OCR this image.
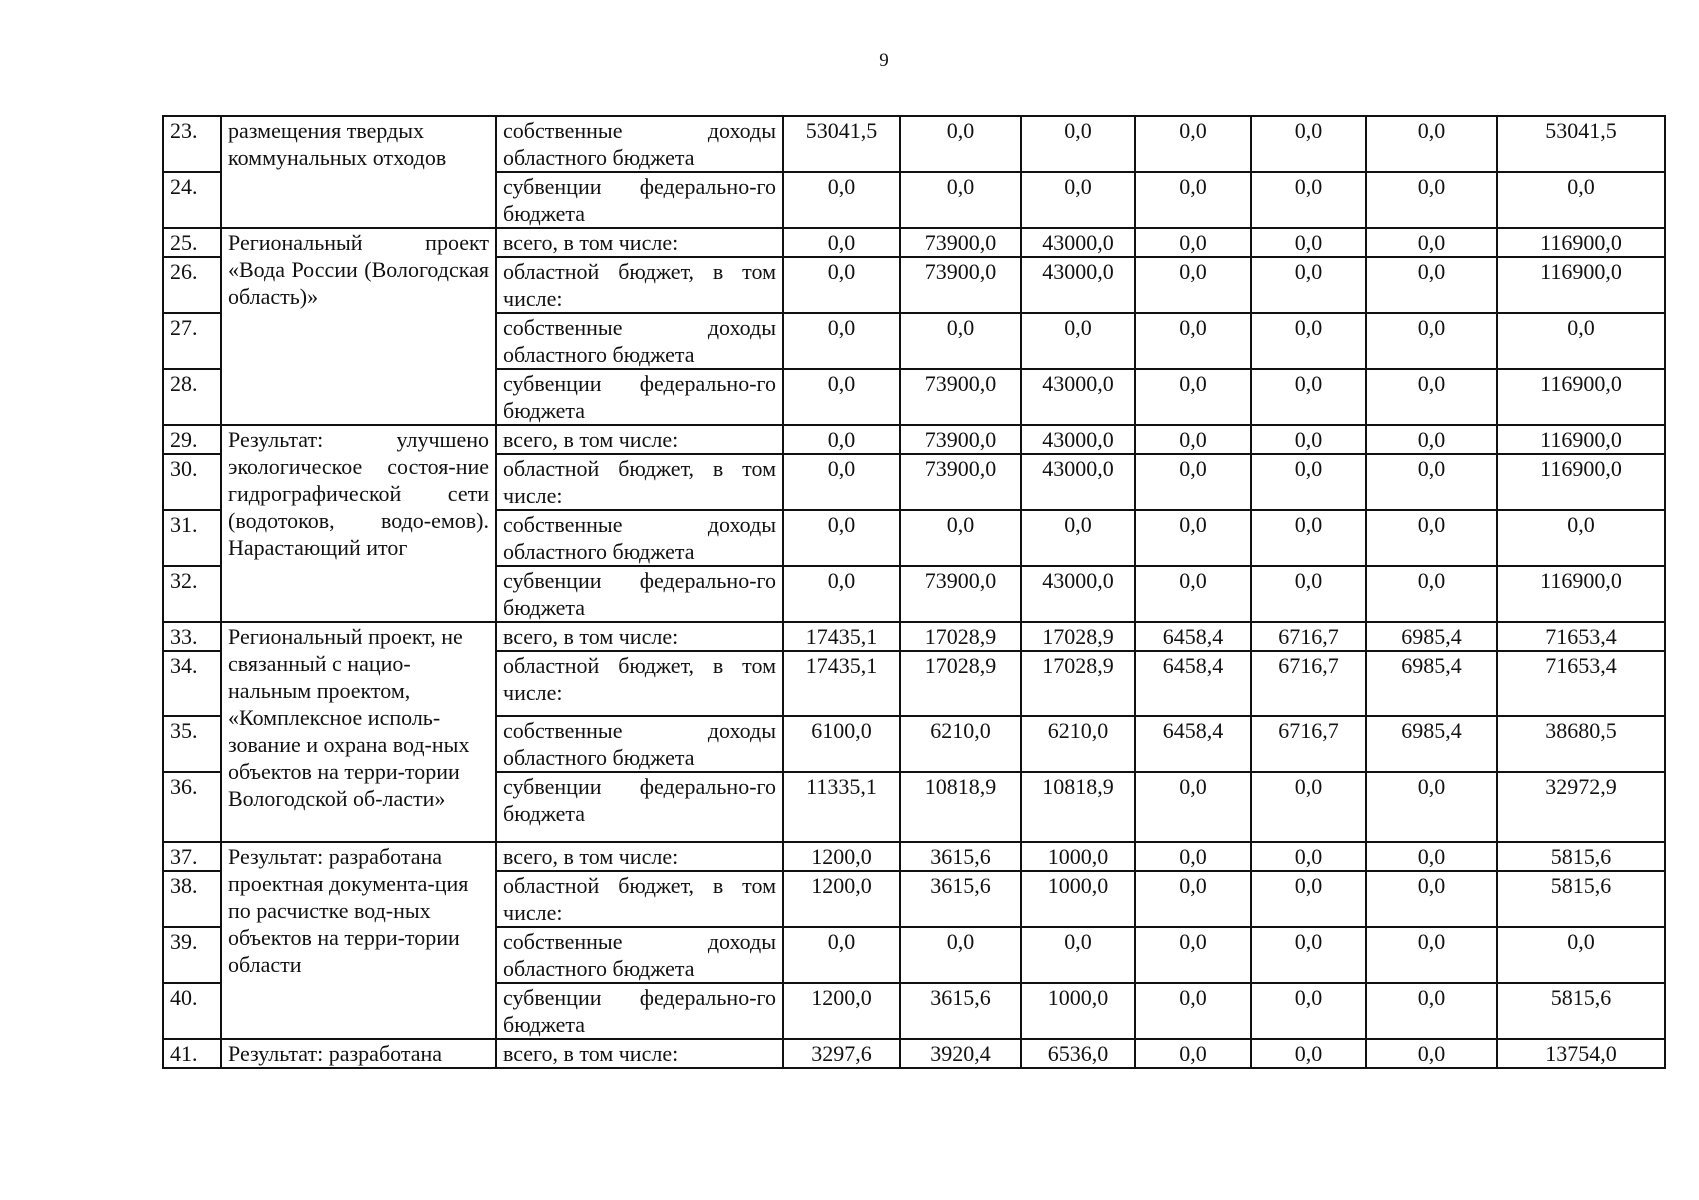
9
23.	размещения твердых коммунальных отходов	собственные доходы областного бюджета	53041,5	0,0	0,0	0,0	0,0	0,0	53041,5
24.		субвенции федерально-го бюджета	0,0	0,0	0,0	0,0	0,0	0,0	0,0
25.	Региональный проект «Вода России (Вологодская область)»	всего, в том числе:	0,0	73900,0	43000,0	0,0	0,0	0,0	116900,0
26.		областной бюджет, в том числе:	0,0	73900,0	43000,0	0,0	0,0	0,0	116900,0
27.		собственные доходы областного бюджета	0,0	0,0	0,0	0,0	0,0	0,0	0,0
28.		субвенции федерально-го бюджета	0,0	73900,0	43000,0	0,0	0,0	0,0	116900,0
29.	Результат: улучшено экологическое состоя-ние гидрографической сети (водотоков, водо-емов). Нарастающий итог	всего, в том числе:	0,0	73900,0	43000,0	0,0	0,0	0,0	116900,0
30.		областной бюджет, в том числе:	0,0	73900,0	43000,0	0,0	0,0	0,0	116900,0
31.		собственные доходы областного бюджета	0,0	0,0	0,0	0,0	0,0	0,0	0,0
32.		субвенции федерально-го бюджета	0,0	73900,0	43000,0	0,0	0,0	0,0	116900,0
33.	Региональный проект, не связанный с нацио-нальным проектом, «Комплексное исполь-зование и охрана вод-ных объектов на терри-тории Вологодской об-ласти»	всего, в том числе:	17435,1	17028,9	17028,9	6458,4	6716,7	6985,4	71653,4
34.		областной бюджет, в том числе:	17435,1	17028,9	17028,9	6458,4	6716,7	6985,4	71653,4
35.		собственные доходы областного бюджета	6100,0	6210,0	6210,0	6458,4	6716,7	6985,4	38680,5
36.		субвенции федерально-го бюджета	11335,1	10818,9	10818,9	0,0	0,0	0,0	32972,9
37.	Результат: разработана проектная документа-ция по расчистке вод-ных объектов на терри-тории области	всего, в том числе:	1200,0	3615,6	1000,0	0,0	0,0	0,0	5815,6
38.		областной бюджет, в том числе:	1200,0	3615,6	1000,0	0,0	0,0	0,0	5815,6
39.		собственные доходы областного бюджета	0,0	0,0	0,0	0,0	0,0	0,0	0,0
40.		субвенции федерально-го бюджета	1200,0	3615,6	1000,0	0,0	0,0	0,0	5815,6
41.	Результат: разработана	всего, в том числе:	3297,6	3920,4	6536,0	0,0	0,0	0,0	13754,0
